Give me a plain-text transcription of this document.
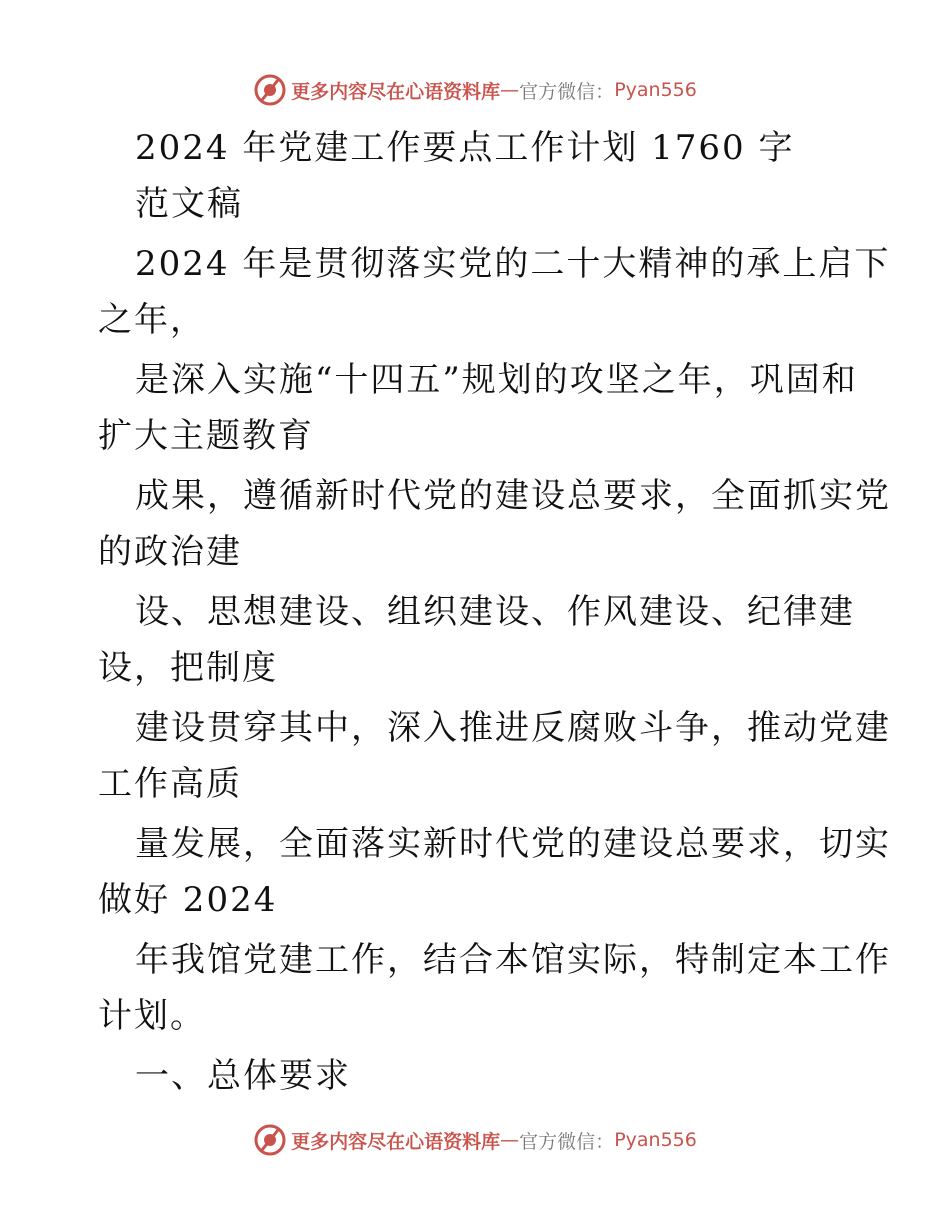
更多内容尽在心语资料库 — 官方微信： Pyan556
2024 年党建工作要点工作计划 1760 字
范文稿
2024 年是贯彻落实党的二十大精神的承上启下
之年，
是深入实施“十四五”规划的攻坚之年，巩固和
扩大主题教育
成果，遵循新时代党的建设总要求，全面抓实党
的政治建
设、思想建设、组织建设、作风建设、纪律建
设，把制度
建设贯穿其中，深入推进反腐败斗争，推动党建
工作高质
量发展，全面落实新时代党的建设总要求，切实
做好 2024
年我馆党建工作，结合本馆实际，特制定本工作
计划。
一、总体要求
更多内容尽在心语资料库 — 官方微信： Pyan556
